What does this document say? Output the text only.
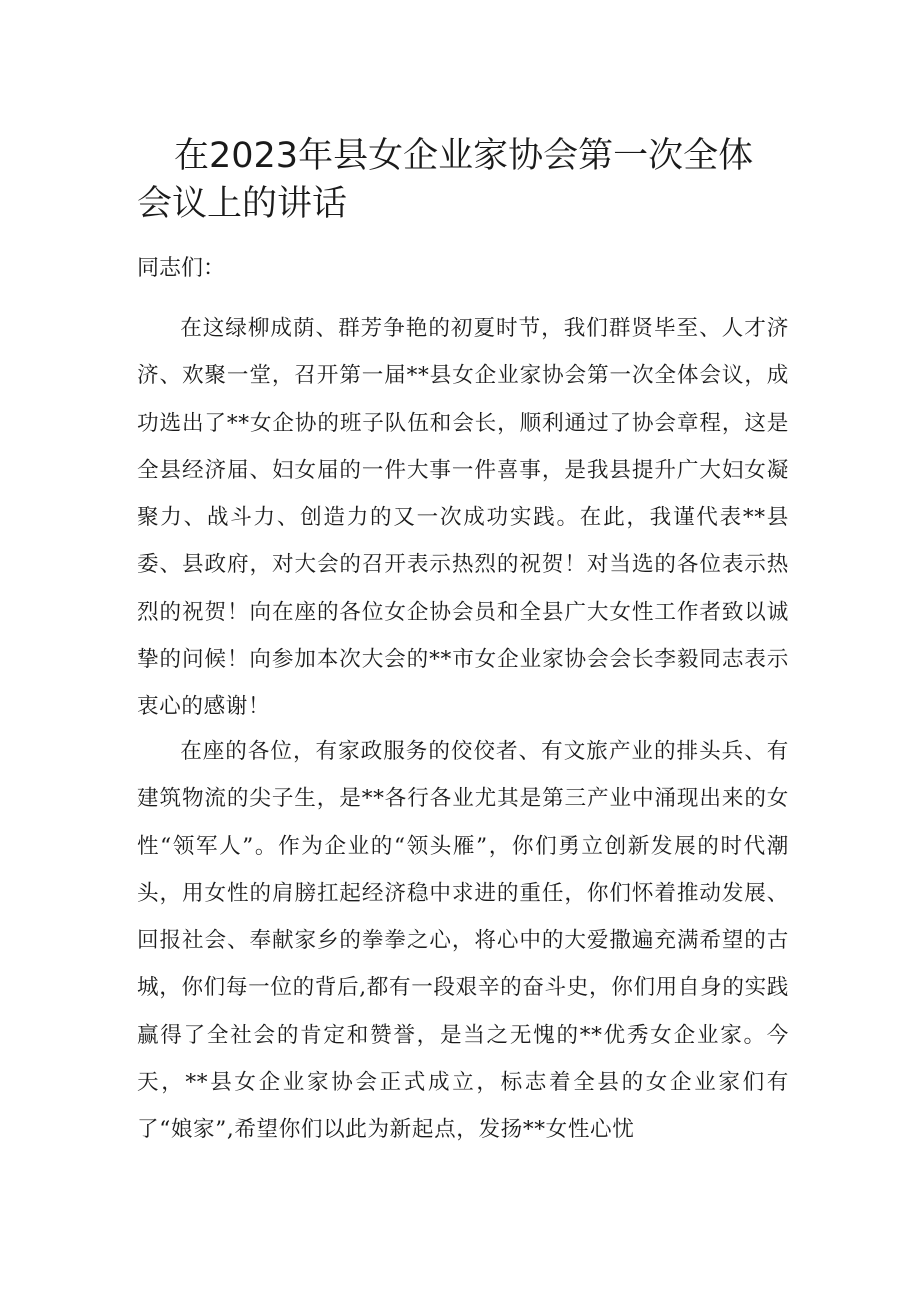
在2023年县女企业家协会第一次全体会议上的讲话

同志们：

在这绿柳成荫、群芳争艳的初夏时节，我们群贤毕至、人才济济、欢聚一堂，召开第一届**县女企业家协会第一次全体会议，成功选出了**女企协的班子队伍和会长，顺利通过了协会章程，这是全县经济届、妇女届的一件大事一件喜事，是我县提升广大妇女凝聚力、战斗力、创造力的又一次成功实践。在此，我谨代表**县委、县政府，对大会的召开表示热烈的祝贺！对当选的各位表示热烈的祝贺！向在座的各位女企协会员和全县广大女性工作者致以诚挚的问候！向参加本次大会的**市女企业家协会会长李毅同志表示衷心的感谢！

在座的各位，有家政服务的佼佼者、有文旅产业的排头兵、有建筑物流的尖子生，是**各行各业尤其是第三产业中涌现出来的女性“领军人”。作为企业的“领头雁”，你们勇立创新发展的时代潮头，用女性的肩膀扛起经济稳中求进的重任，你们怀着推动发展、回报社会、奉献家乡的拳拳之心，将心中的大爱撒遍充满希望的古城，你们每一位的背后,都有一段艰辛的奋斗史，你们用自身的实践赢得了全社会的肯定和赞誉，是当之无愧的**优秀女企业家。今天，**县女企业家协会正式成立，标志着全县的女企业家们有了“娘家”,希望你们以此为新起点，发扬**女性心忧
